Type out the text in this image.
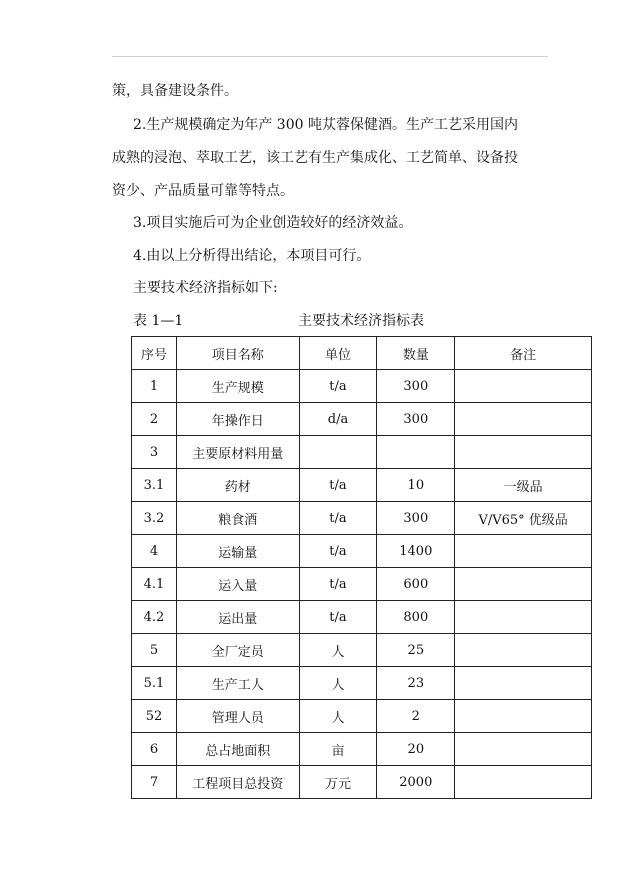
策，具备建设条件。
2.生产规模确定为年产 300 吨苁蓉保健酒。生产工艺采用国内
成熟的浸泡、萃取工艺，该工艺有生产集成化、工艺简单、设备投
资少、产品质量可靠等特点。
3.项目实施后可为企业创造较好的经济效益。
4.由以上分析得出结论，本项目可行。
主要技术经济指标如下:
表 1—1	主要技术经济指标表
序号	项目名称	单位	数量	备注
1	生产规模	t/a	300	
2	年操作日	d/a	300	
3	主要原材料用量			
3.1	药材	t/a	10	一级品
3.2	粮食酒	t/a	300	V/V65° 优级品
4	运输量	t/a	1400	
4.1	运入量	t/a	600	
4.2	运出量	t/a	800	
5	全厂定员	人	25	
5.1	生产工人	人	23	
52	管理人员	人	2	
6	总占地面积	亩	20	
7	工程项目总投资	万元	2000	
